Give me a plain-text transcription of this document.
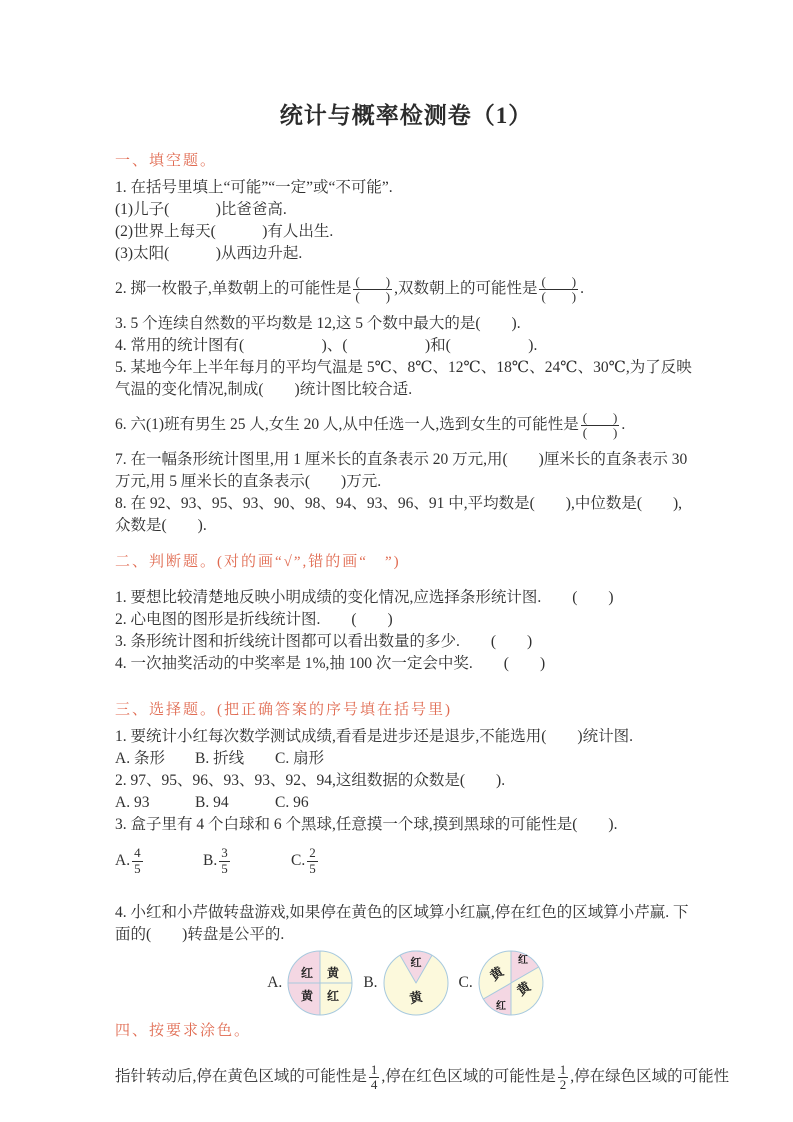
统计与概率检测卷（1）
一、填空题。

1. 在括号里填上“可能”“一定”或“不可能”.

(1)儿子(　　　)比爸爸高.

(2)世界上每天(　　　)有人出生.

(3)太阳(　　　)从西边升起.

2. 掷一枚骰子,单数朝上的可能性是 $\frac{( )}{( )}$ ,双数朝上的可能性是 $\frac{( )}{( )}$ .

3. 5 个连续自然数的平均数是 12,这 5 个数中最大的是(　　).

4. 常用的统计图有(　　　　　)、(　　　　　)和(　　　　　).

5. 某地今年上半年每月的平均气温是 5℃、8℃、12℃、18℃、24℃、30℃,为了反映气温的变化情况,制成(　　)统计图比较合适.

6. 六(1)班有男生 25 人,女生 20 人,从中任选一人,选到女生的可能性是 $\frac{( )}{( )}$ .

7. 在一幅条形统计图里,用 1 厘米长的直条表示 20 万元,用(　　)厘米长的直条表示 30 万元,用 5 厘米长的直条表示(　　)万元.

8. 在 92、93、95、93、90、98、94、93、96、91 中,平均数是(　　),中位数是(　　),众数是(　　).

二、判断题。(对的画“√”,错的画“　”)

1. 要想比较清楚地反映小明成绩的变化情况,应选择条形统计图.　　(　　)

2. 心电图的图形是折线统计图.　　(　　)

3. 条形统计图和折线统计图都可以看出数量的多少.　　(　　)

4. 一次抽奖活动的中奖率是 1%,抽 100 次一定会中奖.　　(　　)

三、选择题。(把正确答案的序号填在括号里)

1. 要统计小红每次数学测试成绩,看看是进步还是退步,不能选用(　　)统计图.

A. 条形	B. 折线	C. 扇形

2. 97、95、96、93、93、92、94,这组数据的众数是(　　).

A. 93	B. 94	C. 96

3. 盒子里有 4 个白球和 6 个黑球,任意摸一个球,摸到黑球的可能性是(　　).

A. $\frac{4}{5}$	B. $\frac{3}{5}$	C. $\frac{2}{5}$

4. 小红和小芹做转盘游戏,如果停在黄色的区域算小红赢,停在红色的区域算小芹赢. 下面的(　　)转盘是公平的.

A.
红 黄
黄 红
B.
红
黄
C.
红
黄
红
黄
四、按要求涂色。

指针转动后,停在黄色区域的可能性是 $\frac{1}{4}$ ,停在红色区域的可能性是 $\frac{1}{2}$ ,停在绿色区域的可能性
